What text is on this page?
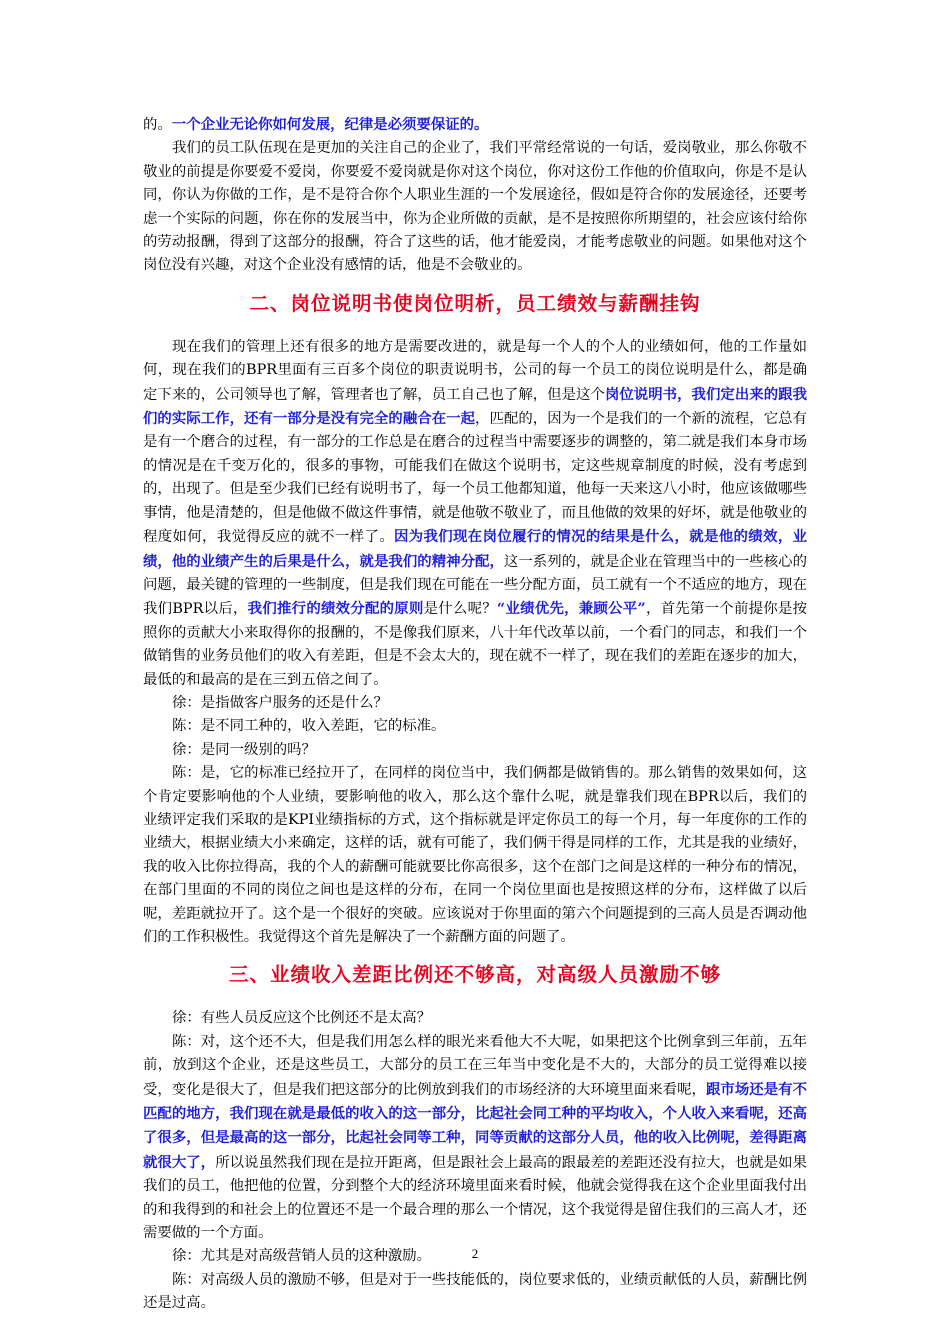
的。一个企业无论你如何发展，纪律是必须要保证的。

我们的员工队伍现在是更加的关注自己的企业了，我们平常经常说的一句话，爱岗敬业，那么你敬不敬业的前提是你要爱不爱岗，你要爱不爱岗就是你对这个岗位，你对这份工作他的价值取向，你是不是认同，你认为你做的工作，是不是符合你个人职业生涯的一个发展途径，假如是符合你的发展途径，还要考虑一个实际的问题，你在你的发展当中，你为企业所做的贡献，是不是按照你所期望的，社会应该付给你的劳动报酬，得到了这部分的报酬，符合了这些的话，他才能爱岗，才能考虑敬业的问题。如果他对这个岗位没有兴趣，对这个企业没有感情的话，他是不会敬业的。

二、岗位说明书使岗位明析，员工绩效与薪酬挂钩

现在我们的管理上还有很多的地方是需要改进的，就是每一个人的个人的业绩如何，他的工作量如何，现在我们的BPR里面有三百多个岗位的职责说明书，公司的每一个员工的岗位说明是什么，都是确定下来的，公司领导也了解，管理者也了解，员工自己也了解，但是这个岗位说明书，我们定出来的跟我们的实际工作，还有一部分是没有完全的融合在一起，匹配的，因为一个是我们的一个新的流程，它总有是有一个磨合的过程，有一部分的工作总是在磨合的过程当中需要逐步的调整的，第二就是我们本身市场的情况是在千变万化的，很多的事物，可能我们在做这个说明书，定这些规章制度的时候，没有考虑到的，出现了。但是至少我们已经有说明书了，每一个员工他都知道，他每一天来这八小时，他应该做哪些事情，他是清楚的，但是他做不做这件事情，就是他敬不敬业了，而且他做的效果的好坏，就是他敬业的程度如何，我觉得反应的就不一样了。因为我们现在岗位履行的情况的结果是什么，就是他的绩效，业绩，他的业绩产生的后果是什么，就是我们的精神分配，这一系列的，就是企业在管理当中的一些核心的问题，最关键的管理的一些制度，但是我们现在可能在一些分配方面，员工就有一个不适应的地方，现在我们BPR以后，我们推行的绩效分配的原则是什么呢？“业绩优先，兼顾公平”，首先第一个前提你是按照你的贡献大小来取得你的报酬的，不是像我们原来，八十年代改革以前，一个看门的同志，和我们一个做销售的业务员他们的收入有差距，但是不会太大的，现在就不一样了，现在我们的差距在逐步的加大，最低的和最高的是在三到五倍之间了。

徐：是指做客户服务的还是什么？

陈：是不同工种的，收入差距，它的标准。

徐：是同一级别的吗？

陈：是，它的标准已经拉开了，在同样的岗位当中，我们俩都是做销售的。那么销售的效果如何，这个肯定要影响他的个人业绩，要影响他的收入，那么这个靠什么呢，就是靠我们现在BPR以后，我们的业绩评定我们采取的是KPI业绩指标的方式，这个指标就是评定你员工的每一个月，每一年度你的工作的业绩大，根据业绩大小来确定，这样的话，就有可能了，我们俩干得是同样的工作，尤其是我的业绩好，我的收入比你拉得高，我的个人的薪酬可能就要比你高很多，这个在部门之间是这样的一种分布的情况，在部门里面的不同的岗位之间也是这样的分布，在同一个岗位里面也是按照这样的分布，这样做了以后呢，差距就拉开了。这个是一个很好的突破。应该说对于你里面的第六个问题提到的三高人员是否调动他们的工作积极性。我觉得这个首先是解决了一个薪酬方面的问题了。

三、业绩收入差距比例还不够高，对高级人员激励不够

徐：有些人员反应这个比例还不是太高？

陈：对，这个还不大，但是我们用怎么样的眼光来看他大不大呢，如果把这个比例拿到三年前，五年前，放到这个企业，还是这些员工，大部分的员工在三年当中变化是不大的，大部分的员工觉得难以接受，变化是很大了，但是我们把这部分的比例放到我们的市场经济的大环境里面来看呢，跟市场还是有不匹配的地方，我们现在就是最低的收入的这一部分，比起社会同工种的平均收入，个人收入来看呢，还高了很多，但是最高的这一部分，比起社会同等工种，同等贡献的这部分人员，他的收入比例呢，差得距离就很大了，所以说虽然我们现在是拉开距离，但是跟社会上最高的跟最差的差距还没有拉大，也就是如果我们的员工，他把他的位置，分到整个大的经济环境里面来看时候，他就会觉得我在这个企业里面我付出的和我得到的和社会上的位置还不是一个最合理的那么一个情况，这个我觉得是留住我们的三高人才，还需要做的一个方面。

徐：尤其是对高级营销人员的这种激励。

陈：对高级人员的激励不够，但是对于一些技能低的，岗位要求低的，业绩贡献低的人员，薪酬比例还是过高。

2
